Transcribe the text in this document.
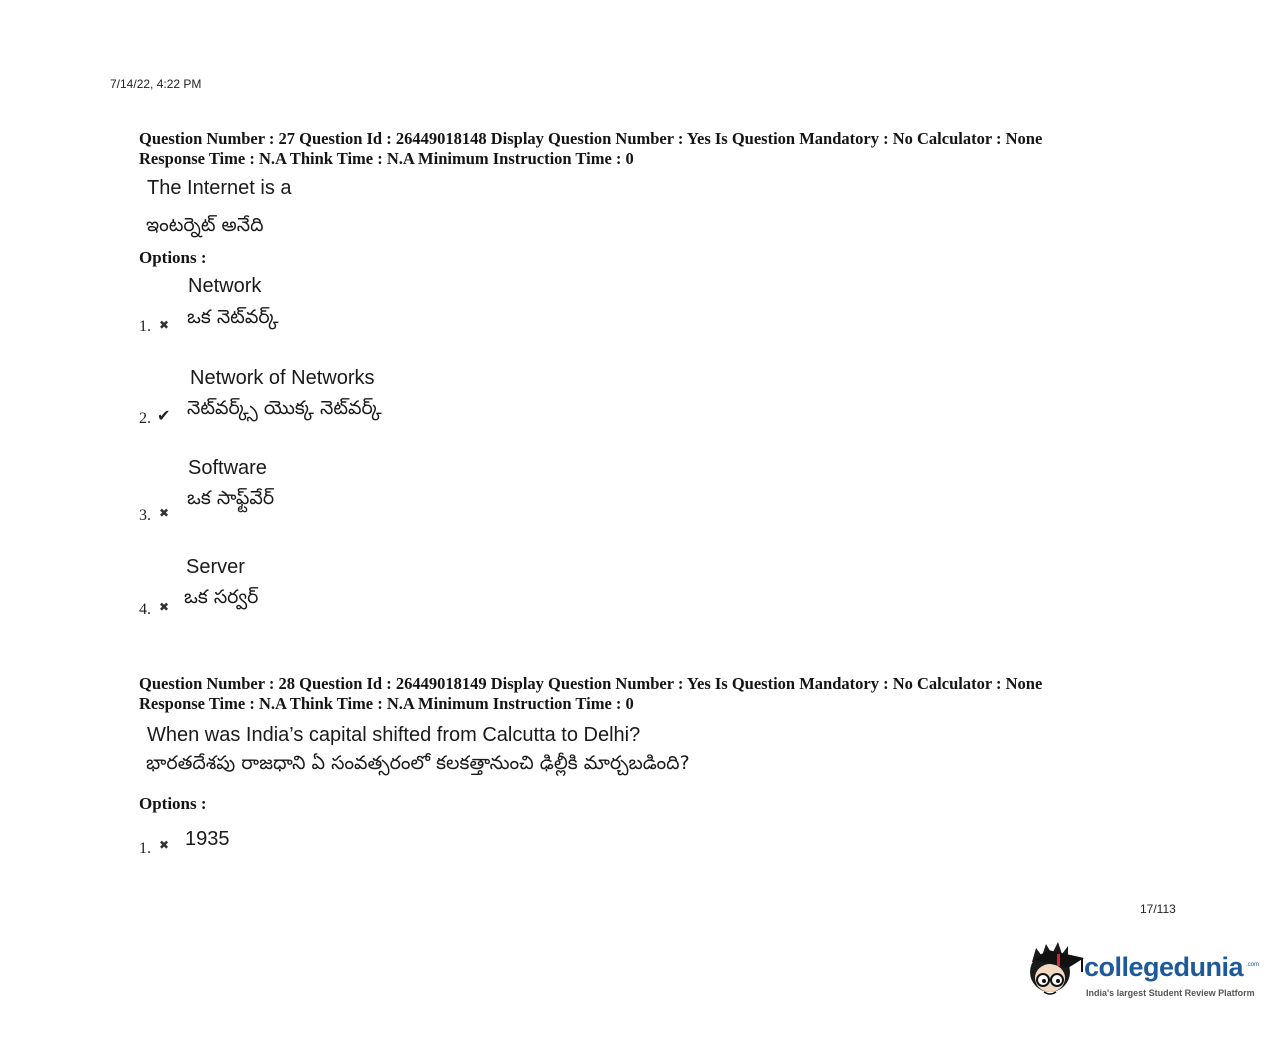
7/14/22, 4:22 PM
Question Number : 27 Question Id : 26449018148 Display Question Number : Yes Is Question Mandatory : No Calculator : None
Response Time : N.A Think Time : N.A Minimum Instruction Time : 0
The Internet is a
ఇంటర్నెట్ అనేది
Options :
1. ✖
Network
ఒక నెట్‌వర్క్
2. ✔
Network of Networks
నెట్‌వర్క్స్ యొక్క నెట్‌వర్క్
3. ✖
Software
ఒక సాఫ్ట్‌వేర్
4. ✖
Server
ఒక సర్వర్
Question Number : 28 Question Id : 26449018149 Display Question Number : Yes Is Question Mandatory : No Calculator : None
Response Time : N.A Think Time : N.A Minimum Instruction Time : 0
When was India’s capital shifted from Calcutta to Delhi?
భారతదేశపు రాజధాని ఏ సంవత్సరంలో కలకత్తానుంచి ఢిల్లీకి మార్చబడింది?
Options :
1. ✖ 1935
17/113
collegedunia .com
India's largest Student Review Platform
